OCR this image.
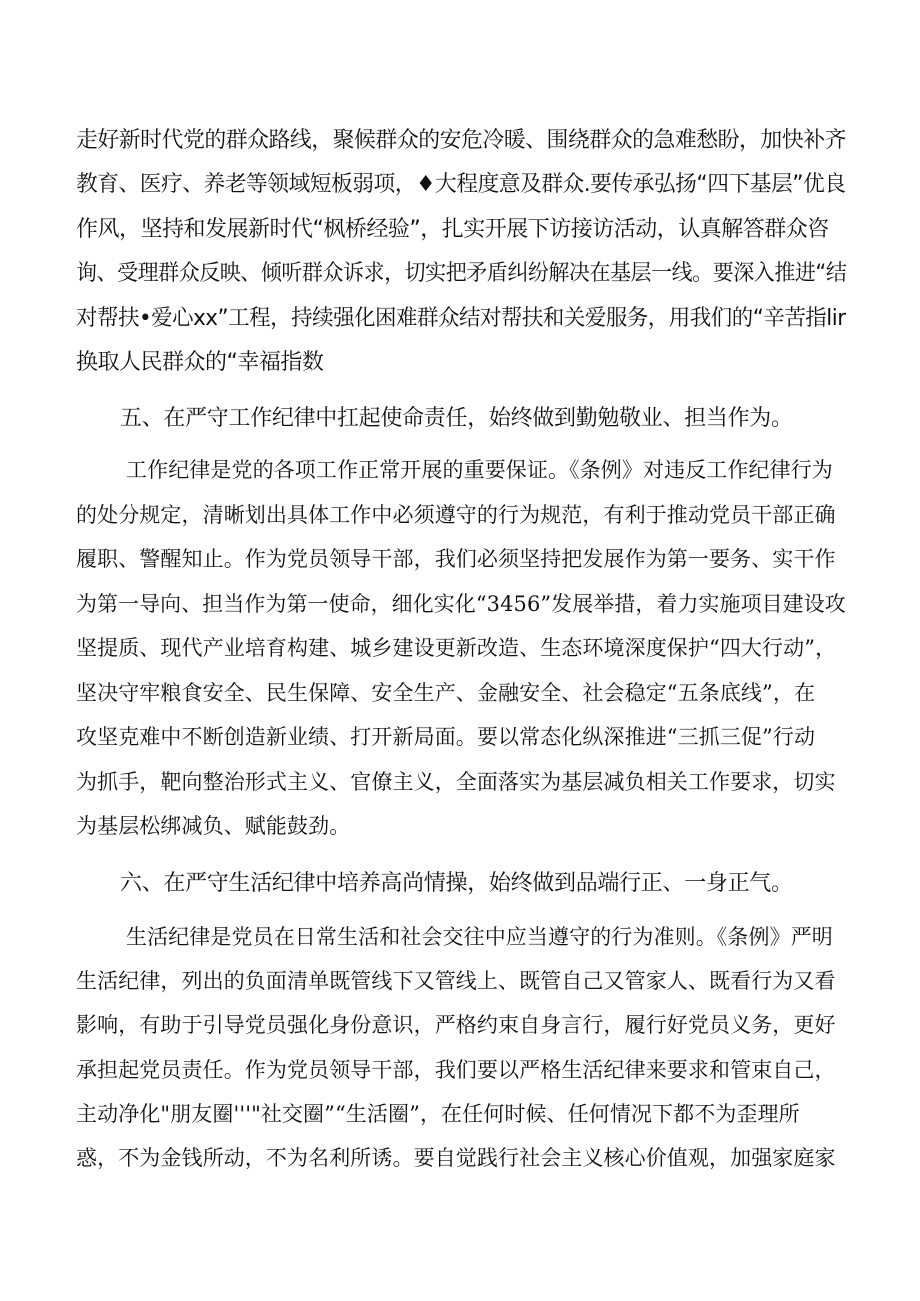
走好新时代党的群众路线，聚候群众的安危冷暖、围绕群众的急难愁盼，加快补齐
教育、医疗、养老等领域短板弱项，♦大程度意及群众.要传承弘扬“四下基层”优良
作风，坚持和发展新时代“枫桥经验”，扎实开展下访接访活动，认真解答群众咨
询、受理群众反映、倾听群众诉求，切实把矛盾纠纷解决在基层一线。要深入推进“结
对帮扶•爱心xx”工程，持续强化困难群众结对帮扶和关爱服务，用我们的“辛苦指lir
换取人民群众的“幸福指数
五、在严守工作纪律中扛起使命责任，始终做到勤勉敬业、担当作为。
工作纪律是党的各项工作正常开展的重要保证。《条例》对违反工作纪律行为
的处分规定，清晰划出具体工作中必须遵守的行为规范，有利于推动党员干部正确
履职、警醒知止。作为党员领导干部，我们必须坚持把发展作为第一要务、实干作
为第一导向、担当作为第一使命，细化实化“3456”发展举措，着力实施项目建设攻
坚提质、现代产业培育构建、城乡建设更新改造、生态环境深度保护“四大行动”，
坚决守牢粮食安全、民生保障、安全生产、金融安全、社会稳定“五条底线”，在
攻坚克难中不断创造新业绩、打开新局面。要以常态化纵深推进“三抓三促”行动
为抓手，靶向整治形式主义、官僚主义，全面落实为基层减负相关工作要求，切实
为基层松绑减负、赋能鼓劲。
六、在严守生活纪律中培养高尚情操，始终做到品端行正、一身正气。
生活纪律是党员在日常生活和社会交往中应当遵守的行为准则。《条例》严明
生活纪律，列出的负面清单既管线下又管线上、既管自己又管家人、既看行为又看
影响，有助于引导党员强化身份意识，严格约束自身言行，履行好党员义务，更好
承担起党员责任。作为党员领导干部，我们要以严格生活纪律来要求和管束自己，
主动净化"朋友圈'''"社交圈”“生活圈”，在任何时候、任何情况下都不为歪理所
惑，不为金钱所动，不为名利所诱。要自觉践行社会主义核心价值观，加强家庭家
